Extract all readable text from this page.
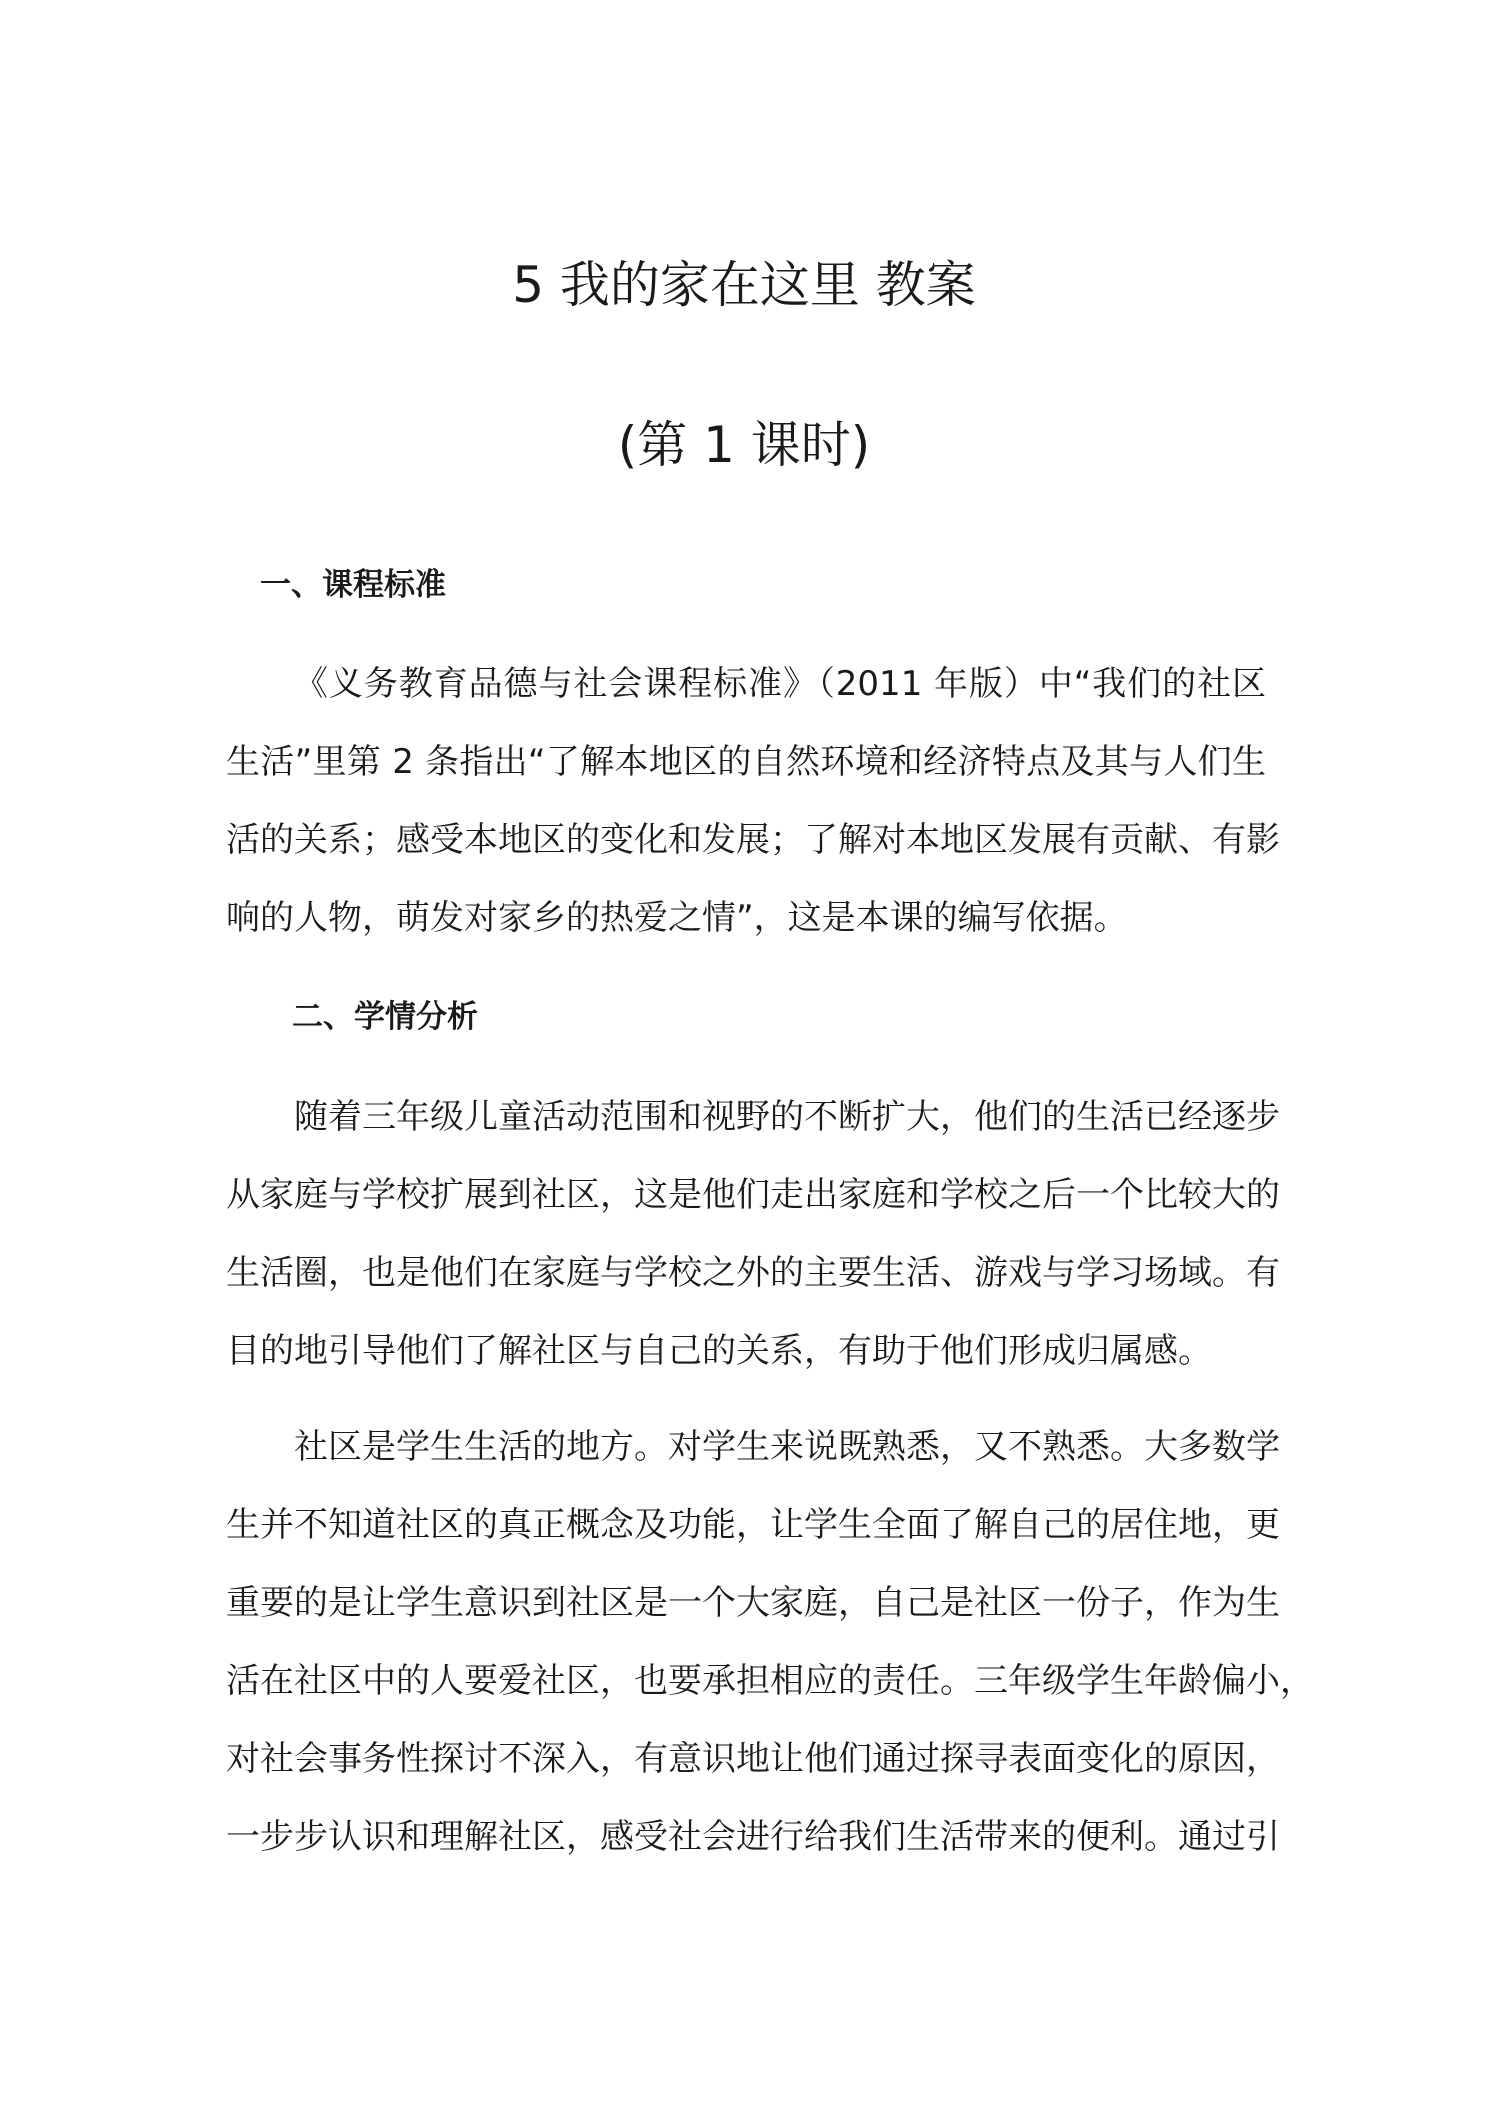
5 我的家在这里 教案
(第 1 课时)
一、课程标准

《义务教育品德与社会课程标准》（2011 年版）中“我们的社区
生活”里第 2 条指出“了解本地区的自然环境和经济特点及其与人们生
活的关系；感受本地区的变化和发展；了解对本地区发展有贡献、有影
响的人物，萌发对家乡的热爱之情”，这是本课的编写依据。

二、学情分析

随着三年级儿童活动范围和视野的不断扩大，他们的生活已经逐步
从家庭与学校扩展到社区，这是他们走出家庭和学校之后一个比较大的
生活圈，也是他们在家庭与学校之外的主要生活、游戏与学习场域。有
目的地引导他们了解社区与自己的关系，有助于他们形成归属感。

社区是学生生活的地方。对学生来说既熟悉，又不熟悉。大多数学
生并不知道社区的真正概念及功能，让学生全面了解自己的居住地，更
重要的是让学生意识到社区是一个大家庭，自己是社区一份子，作为生
活在社区中的人要爱社区，也要承担相应的责任。三年级学生年龄偏小，
对社会事务性探讨不深入，有意识地让他们通过探寻表面变化的原因，
一步步认识和理解社区，感受社会进行给我们生活带来的便利。通过引
